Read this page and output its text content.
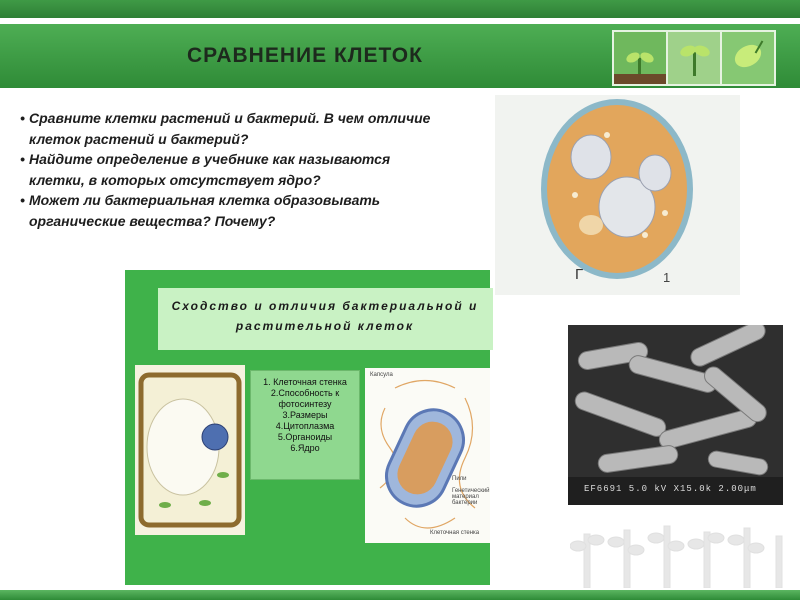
СРАВНЕНИЕ КЛЕТОК

• Сравните клетки растений и бактерий. В чем отличие клеток растений и бактерий?

• Найдите определение в учебнике как называются клетки, в которых отсутствует ядро?

• Может ли бактериальная клетка образовывать органические вещества? Почему?

Г	1
EF6691 5.0 kV X15.0k 2.00μm
Сходство и отличия бактериальной и
растительной клеток
1. Клеточная стенка
2.Способность к
фотосинтезу
3.Размеры
4.Цитоплазма
5.Органоиды
6.Ядро
Капсула
Пили
Генетический материал бактерии
Клеточная стенка
